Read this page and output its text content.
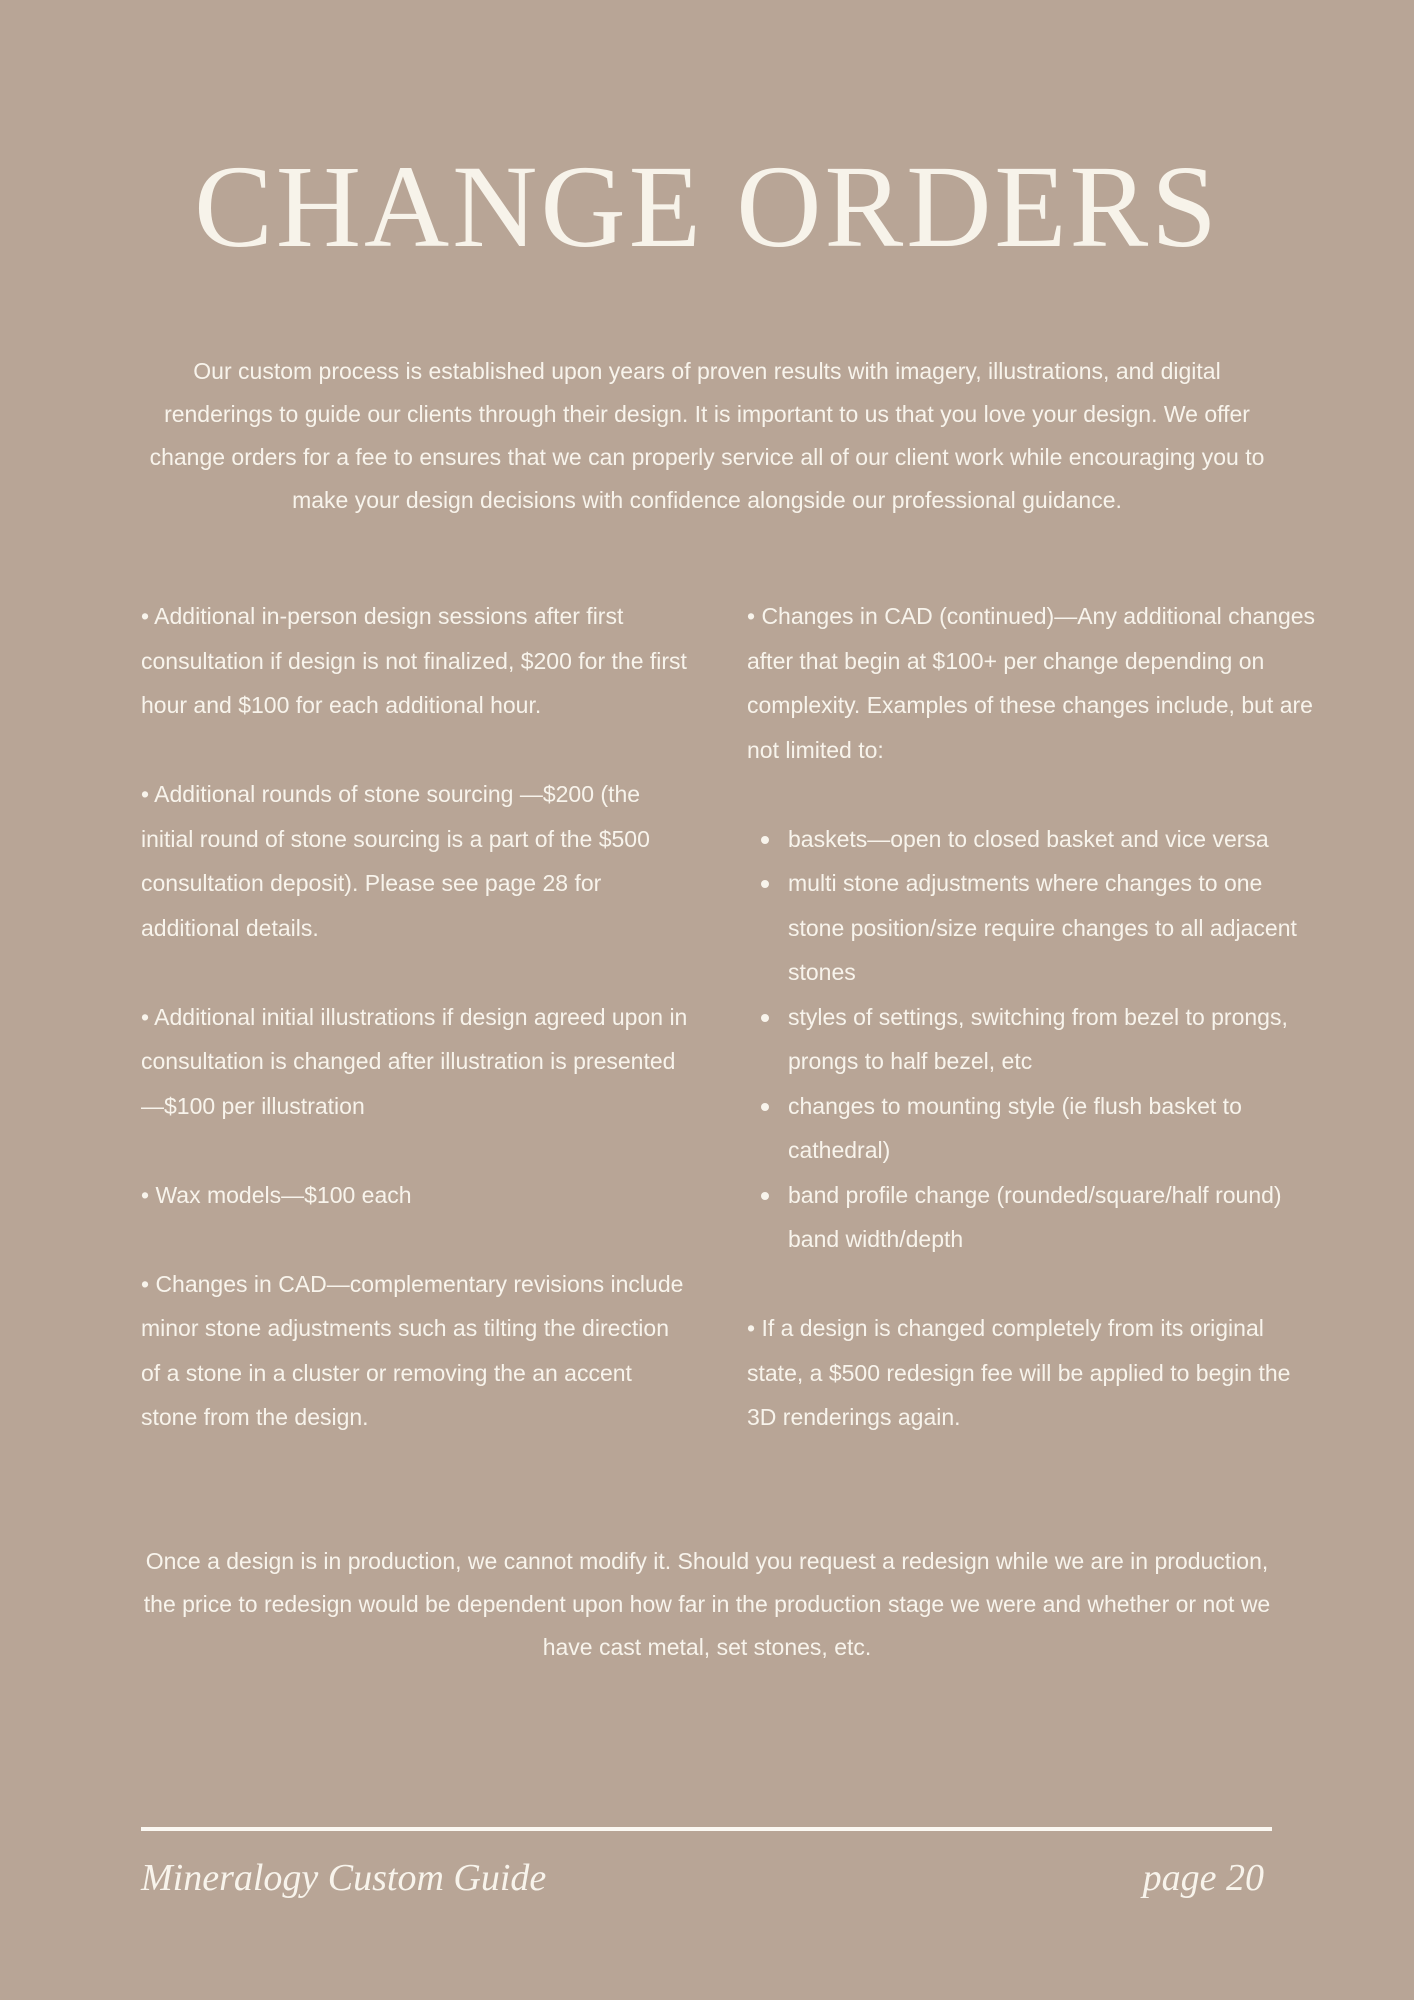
CHANGE ORDERS

Our custom process is established upon years of proven results with imagery, illustrations, and digital renderings to guide our clients through their design. It is important to us that you love your design. We offer change orders for a fee to ensures that we can properly service all of our client work while encouraging you to make your design decisions with confidence alongside our professional guidance.

• Additional in-person design sessions after first consultation if design is not finalized, $200 for the first hour and $100 for each additional hour.

• Additional rounds of stone sourcing —$200 (the initial round of stone sourcing is a part of the $500 consultation deposit). Please see page 28 for additional details.

• Additional initial illustrations if design agreed upon in consultation is changed after illustration is presented —$100 per illustration

• Wax models—$100 each

• Changes in CAD—complementary revisions include minor stone adjustments such as tilting the direction of a stone in a cluster or removing the an accent stone from the design.

• Changes in CAD (continued)—Any additional changes after that begin at $100+ per change depending on complexity. Examples of these changes include, but are not limited to:

baskets—open to closed basket and vice versa
multi stone adjustments where changes to one stone position/size require changes to all adjacent stones
styles of settings, switching from bezel to prongs, prongs to half bezel, etc
changes to mounting style (ie flush basket to cathedral)
band profile change (rounded/square/half round) band width/depth

• If a design is changed completely from its original state, a $500 redesign fee will be applied to begin the 3D renderings again.

Once a design is in production, we cannot modify it. Should you request a redesign while we are in production, the price to redesign would be dependent upon how far in the production stage we were and whether or not we have cast metal, set stones, etc.

Mineralogy Custom Guide	page 20
